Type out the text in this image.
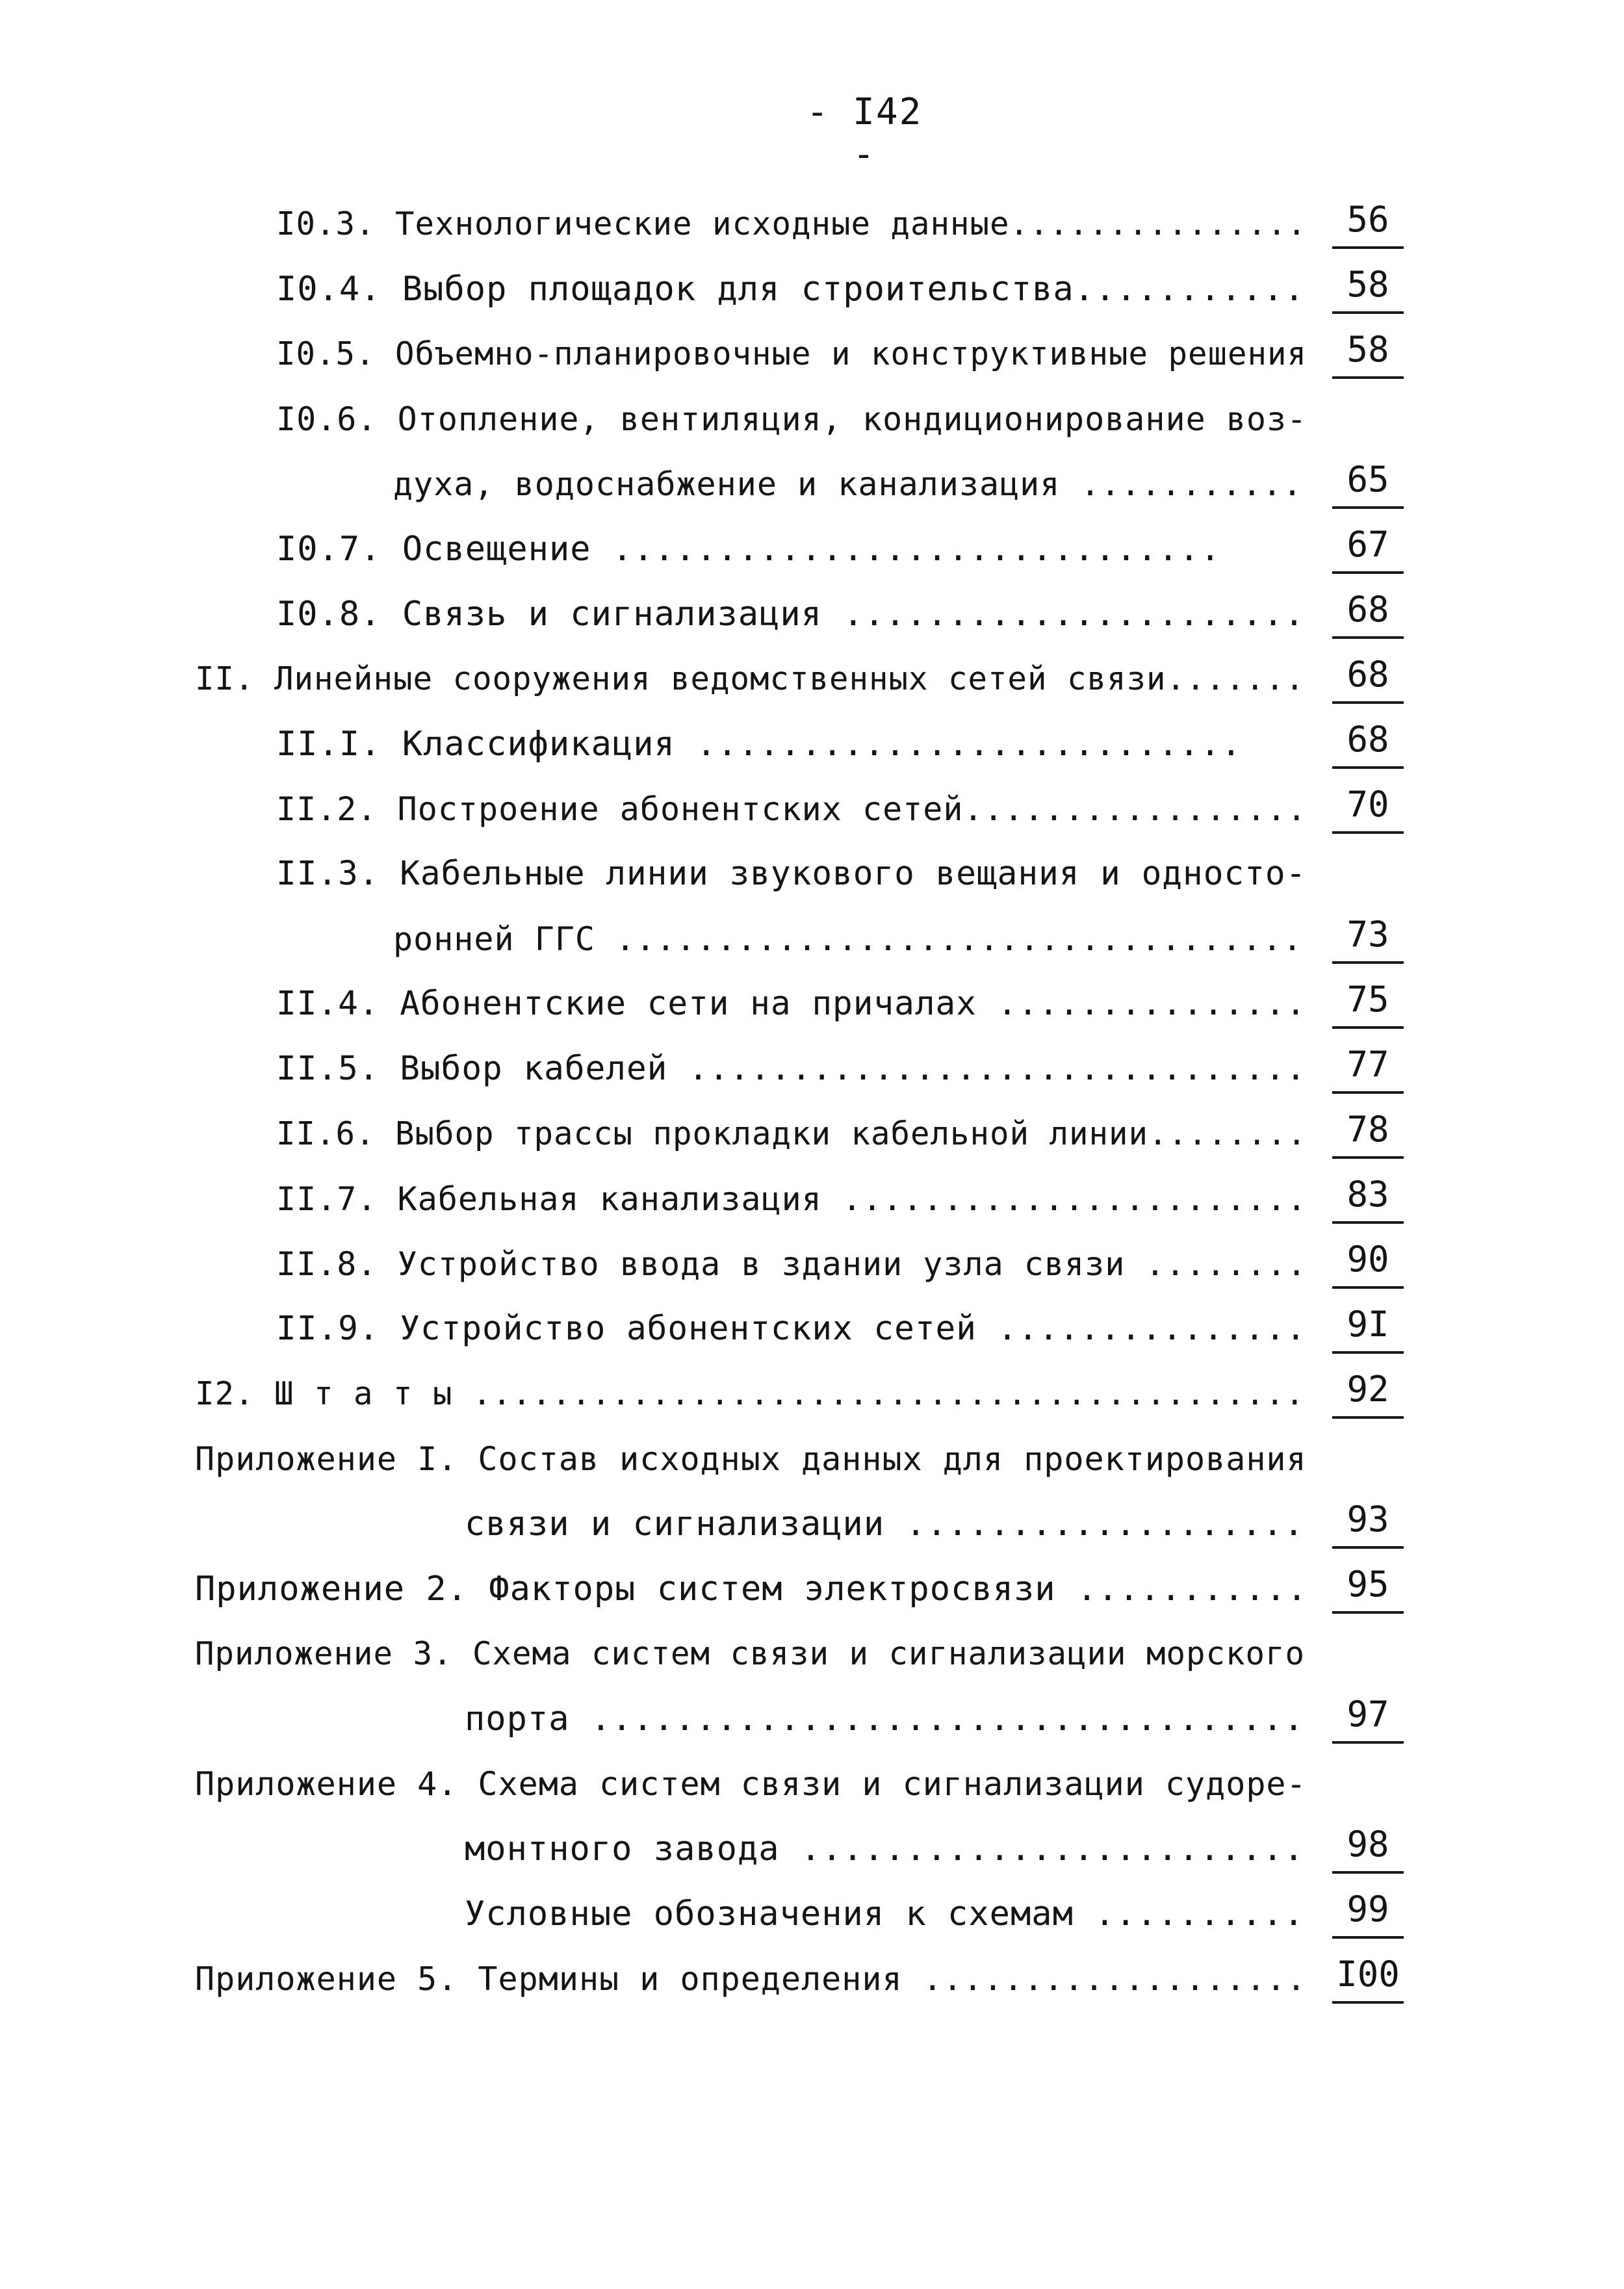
- I42 -
I0.3. Технологические исходные данные...............	56
I0.4. Выбор площадок для строительства...........	58
I0.5. Объемно-планировочные и конструктивные решения	58
I0.6. Отопление, вентиляция, кондиционирование воз-
духа, водоснабжение и канализация ...........	65
I0.7. Освещение .............................	67
I0.8. Связь и сигнализация ......................	68
II. Линейные сооружения ведомственных сетей связи.......	68
II.I. Классификация ..........................	68
II.2. Построение абонентских сетей.................	70
II.3. Кабельные линии звукового вещания и односто-
ронней ГГС ..................................	73
II.4. Абонентские сети на причалах ...............	75
II.5. Выбор кабелей ..............................	77
II.6. Выбор трассы прокладки кабельной линии........	78
II.7. Кабельная канализация .......................	83
II.8. Устройство ввода в здании узла связи ........	90
II.9. Устройство абонентских сетей ...............	9I
I2. Ш т а т ы ..........................................	92
Приложение I. Состав исходных данных для проектирования
связи и сигнализации ...................	93
Приложение 2. Факторы систем электросвязи ...........	95
Приложение 3. Схема систем связи и сигнализации морского
порта ..................................	97
Приложение 4. Схема систем связи и сигнализации судоре-
монтного завода ........................	98
Условные обозначения к схемам ..........	99
Приложение 5. Термины и определения ................... I00
